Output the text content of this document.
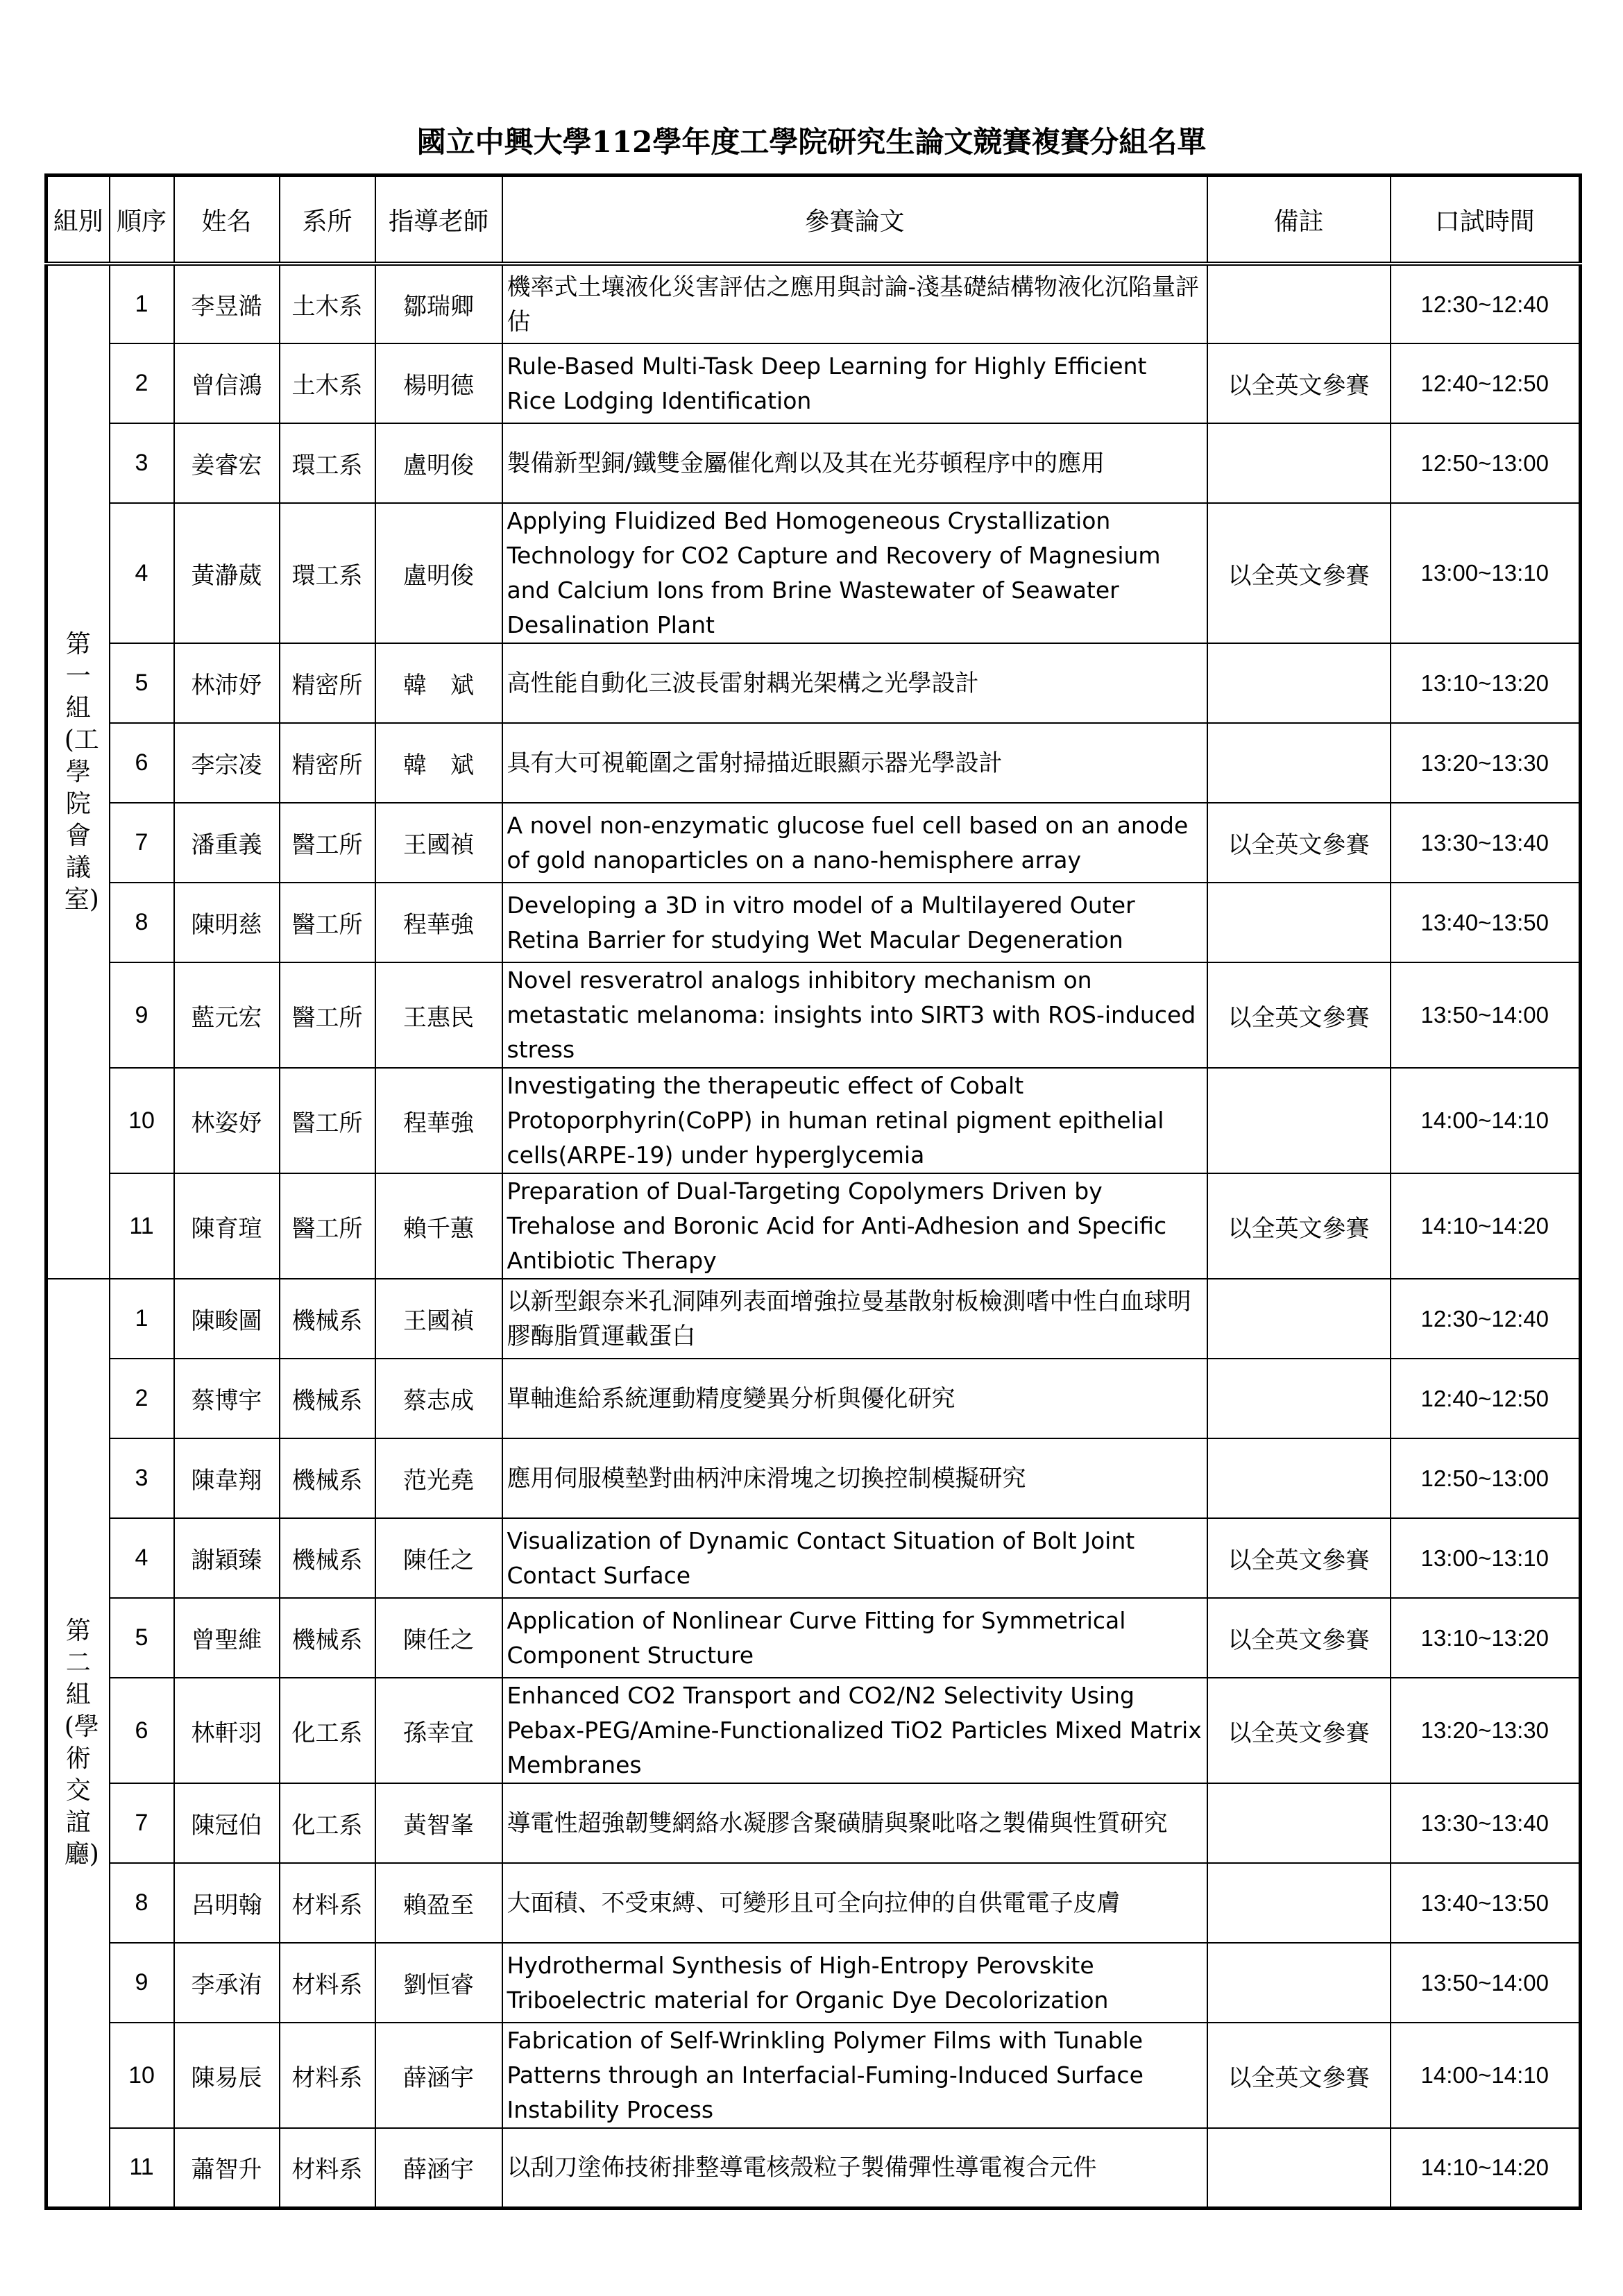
國立中興大學112學年度工學院研究生論文競賽複賽分組名單
組別	順序	姓名	系所	指導老師	參賽論文	備註	口試時間
第一組(工學院會議室)	1	李昱澔	土木系	鄒瑞卿	機率式土壤液化災害評估之應用與討論-淺基礎結構物液化沉陷量評估		12:30~12:40
	2	曾信鴻	土木系	楊明德	Rule-Based Multi-Task Deep Learning for Highly Efficient Rice Lodging Identification	以全英文參賽	12:40~12:50
	3	姜睿宏	環工系	盧明俊	製備新型銅/鐵雙金屬催化劑以及其在光芬頓程序中的應用		12:50~13:00
	4	黃瀞葳	環工系	盧明俊	Applying Fluidized Bed Homogeneous Crystallization Technology for CO2 Capture and Recovery of Magnesium and Calcium Ions from Brine Wastewater of Seawater Desalination Plant	以全英文參賽	13:00~13:10
	5	林沛妤	精密所	韓　斌	高性能自動化三波長雷射耦光架構之光學設計		13:10~13:20
	6	李宗凌	精密所	韓　斌	具有大可視範圍之雷射掃描近眼顯示器光學設計		13:20~13:30
	7	潘重義	醫工所	王國禎	A novel non-enzymatic glucose fuel cell based on an anode of gold nanoparticles on a nano-hemisphere array	以全英文參賽	13:30~13:40
	8	陳明慈	醫工所	程華強	Developing a 3D in vitro model of a Multilayered Outer Retina Barrier for studying Wet Macular Degeneration		13:40~13:50
	9	藍元宏	醫工所	王惠民	Novel resveratrol analogs inhibitory mechanism on metastatic melanoma: insights into SIRT3 with ROS-induced stress	以全英文參賽	13:50~14:00
	10	林姿妤	醫工所	程華強	Investigating the therapeutic effect of Cobalt Protoporphyrin(CoPP) in human retinal pigment epithelial cells(ARPE-19) under hyperglycemia		14:00~14:10
	11	陳育瑄	醫工所	賴千蕙	Preparation of Dual-Targeting Copolymers Driven by Trehalose and Boronic Acid for Anti-Adhesion and Specific Antibiotic Therapy	以全英文參賽	14:10~14:20
第二組(學術交誼廳)	1	陳畯圖	機械系	王國禎	以新型銀奈米孔洞陣列表面增強拉曼基散射板檢測嗜中性白血球明膠酶脂質運載蛋白		12:30~12:40
	2	蔡博宇	機械系	蔡志成	單軸進給系統運動精度變異分析與優化研究		12:40~12:50
	3	陳韋翔	機械系	范光堯	應用伺服模墊對曲柄沖床滑塊之切換控制模擬研究		12:50~13:00
	4	謝穎臻	機械系	陳任之	Visualization of Dynamic Contact Situation of Bolt Joint Contact Surface	以全英文參賽	13:00~13:10
	5	曾聖維	機械系	陳任之	Application of Nonlinear Curve Fitting for Symmetrical Component Structure	以全英文參賽	13:10~13:20
	6	林軒羽	化工系	孫幸宜	Enhanced CO2 Transport and CO2/N2 Selectivity Using Pebax-PEG/Amine-Functionalized TiO2 Particles Mixed Matrix Membranes	以全英文參賽	13:20~13:30
	7	陳冠伯	化工系	黃智峯	導電性超強韌雙網絡水凝膠含聚磺腈與聚吡咯之製備與性質研究		13:30~13:40
	8	呂明翰	材料系	賴盈至	大面積、不受束縛、可變形且可全向拉伸的自供電電子皮膚		13:40~13:50
	9	李承洧	材料系	劉恒睿	Hydrothermal Synthesis of High-Entropy Perovskite Triboelectric material for Organic Dye Decolorization		13:50~14:00
	10	陳易辰	材料系	薛涵宇	Fabrication of Self-Wrinkling Polymer Films with Tunable Patterns through an Interfacial-Fuming-Induced Surface Instability Process	以全英文參賽	14:00~14:10
	11	蕭智升	材料系	薛涵宇	以刮刀塗佈技術排整導電核殼粒子製備彈性導電複合元件		14:10~14:20
